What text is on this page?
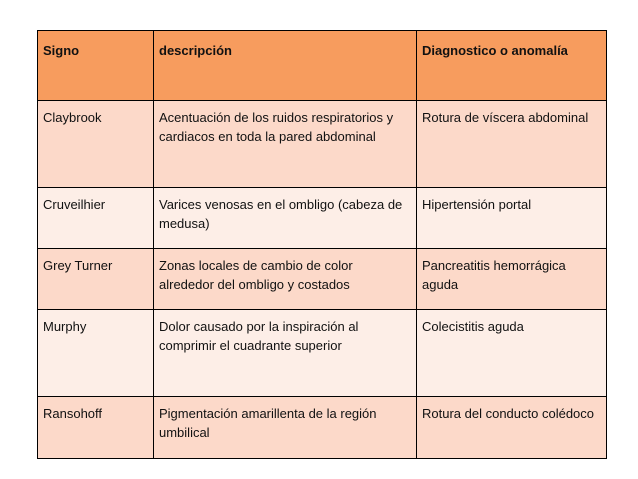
Signo	descripción	Diagnostico o anomalía
Claybrook	Acentuación de los ruidos respiratorios y cardiacos en toda la pared abdominal	Rotura de víscera abdominal
Cruveilhier	Varices venosas en el ombligo (cabeza de medusa)	Hipertensión portal
Grey Turner	Zonas locales de cambio de color alrededor del ombligo y costados	Pancreatitis hemorrágica aguda
Murphy	Dolor causado por la inspiración al comprimir el cuadrante superior	Colecistitis aguda
Ransohoff	Pigmentación amarillenta de la región umbilical	Rotura del conducto colédoco
